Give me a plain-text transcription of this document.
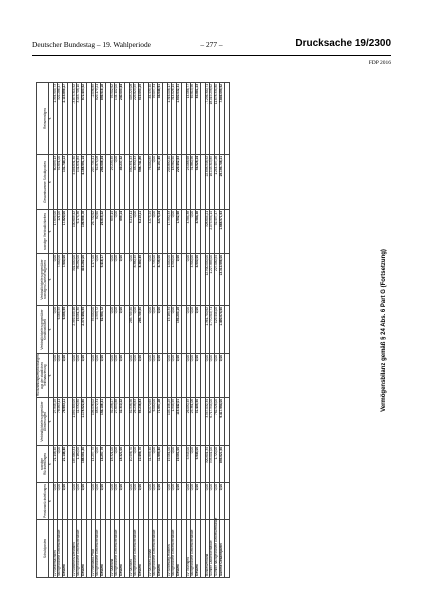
Deutscher Bundestag – 19. Wahlperiode	– 277 –	Drucksache 19/2300
FDP 2016
Schuldposten	Pensionsrückstellungen	sonstige Rückstellungen	Verbindlichkeiten gegenüber Gliederungen	Rückzahlungsverpflichtungen aus der staatlichen Teilfinanzierung	Verbindlichkeiten gegenüber Kreditinstituten	Verbindlichkeiten gegenüber sonstigen Darlehensgebern	sonstige Verbindlichkeiten	Gesamtsumme Schuldposten	Reinvermögen
	€	€	€	€	€	€	€	€	€
LV Niedersachsen	0,00	21.148,40	27.945,25	0,00	0,00	0,00	17.699,00	60.093,13	1.394.909,73
nachgeordnete Gebietsverbände	0,00	0,00	78.963,11	0,00	6.065,55	7.500,00	121,00	92.651,00	322.286,47
Gesamt	0,00	21.148,40	78.963,11	0,00	6.065,55	7.500,00	17.820,00	131.744,13	2.115.896,27

LV Nordrhein-Westfalen	0,00	187.060,31	1.059.309,09	0,00	2.359.443,46	301.000,00	100.605,42	4.046.631,30	-3.873.314,52
nachgeordnete Gebietsverbände	0,00	1.160,00	11.930,80	0,00	16.061,30	36.282,00	6.174,36	141.631,84	3.443.708,10
Gesamt	0,00	188.061,30	1.178.622,80	0,00	2.375.494,55	416.282,00	106.956,78	4.188.591,14	872.403,52

LV Rheinland-Pfalz	0,00	14.257,79	106.036,02	0,00	55.000,00	1.177,00	26.732,62	207.734,41	-2.036,89
nachgeordnete Gebietsverbände	0,00	0,00	48.072,31	0,00	2.993,72	0,00	82,60	62.874,08	829.179,21
Gesamt	0,00	14.257,79	154.108,31	0,00	62.993,72	5.418,17	26.815,22	264.008,34	859.516,18

LV Saarland	0,00	18.321,00	32.258,27	0,00	0,00	0,00	655,14	29.233,35	95.502,62
nachgeordnete Gebietsverbände	0,00	0,00	27.653,88	0,00	0,00	0,00	0,00	0,00	144.102,00
Gesamt	0,00	18.321,00	32.310,22	0,00	0,00	0,00	655,14	49.237,32	240.003,44

LV Sachsen	0,00	10.496,70	52.538,56	0,00	285.709,50	0,00	6.213,11	550.391,43	403.229,08
nachgeordnete Gebietsverbände	0,00	0,00	26.238,83	0,00	0,00	8.380,45	0,00	48.350,43	225.823,95
Gesamt	0,00	10.496,70	55.238,83	0,00	285.709,50	8.380,45	6.213,11	598.741,86	619.053,25

LV Sachsen-Anhalt	0,00	11.995,40	60.070,69	0,00	0,00	0,00	4.075,24	76.000,85	-64.439,40
nachgeordnete Gebietsverbände	0,00	0,00	6.000,00	0,00	0,00	4.735,00	0,00	0,00	99.097,31
Gesamt	0,00	11.995,40	71.657,28	0,00	0,00	4.735,00	4.075,24	92.157,45	34.646,91

LV Schleswig-Holstein	0,00	19.061,00	103.146,25	0,00	15.183,34	1.000,00	17.550,33	203.890,40	1.316.006,17
nachgeordnete Gebietsverbände	0,00	0,00	1.945,95	0,00	0,00	1.900,00	0,00	18.562,50	314.026,14
Gesamt	0,00	19.061,00	115.442,01	0,00	193.203,16	0,00	1.552,68	229.452,93	1.630.032,31

LV Thüringen	0,00	5.945,00	26.050,45	0,00	0,00	0,00	4.584,38	23.068,68	14.066,77
nachgeordnete Gebietsverbände	0,00	0,00	25.361,06	0,00	0,00	4.500,00	0,00	31.860,56	69.813,96
Gesamt	0,00	5.945,00	31.405,50	0,00	0,00	4.500,00	4.584,38	54.928,24	83.881,23

Bundesverband	0,00	320.601,34	3.547.032,34	0,00	1.361.710,62	12.900.000,00	328.604,21	22.658.548,92	-7.236.300,71
Summe Landesverbände	0,00	533.001,00	6.717.944,00	0,00	4.770.519,71	1.227.885,00	2.075.954,14	16.143.313,85	18.019.298,62
Summe nachgeordnete Gebietsverbände	0,00	1.720,00	762.926,00	0,00	129.444,00	227.080,54	32.497,47	1.244.497,26	11.678.334,80
Summe Gesamtpartei	0,00	855.621,50	9.417.994,00	0,00	1.490.674,60	13.313.596,00	1.688.571,63	29.195.708,21	7.846.095,52

Vermögensbilanz gemäß § 24 Abs. 6 Part G (Fortsetzung)
